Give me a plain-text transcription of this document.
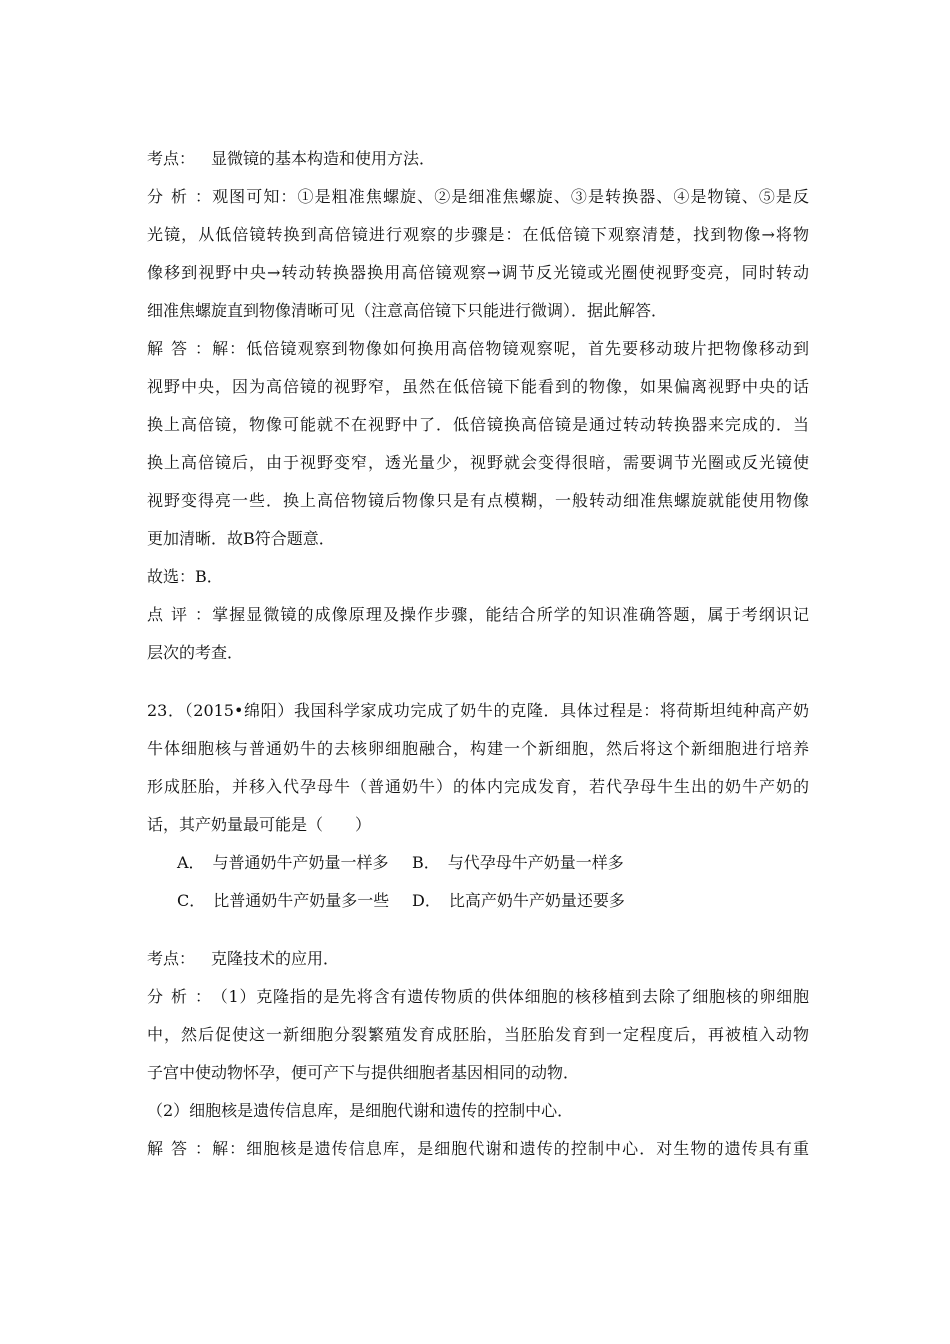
考点： 显微镜的基本构造和使用方法．
分析：观图可知：①是粗准焦螺旋、②是细准焦螺旋、③是转换器、④是物镜、⑤是反
光镜，从低倍镜转换到高倍镜进行观察的步骤是：在低倍镜下观察清楚，找到物像→将物
像移到视野中央→转动转换器换用高倍镜观察→调节反光镜或光圈使视野变亮，同时转动
细准焦螺旋直到物像清晰可见（注意高倍镜下只能进行微调）．据此解答．
解答：解：低倍镜观察到物像如何换用高倍物镜观察呢，首先要移动玻片把物像移动到
视野中央，因为高倍镜的视野窄，虽然在低倍镜下能看到的物像，如果偏离视野中央的话
换上高倍镜，物像可能就不在视野中了．低倍镜换高倍镜是通过转动转换器来完成的．当
换上高倍镜后，由于视野变窄，透光量少，视野就会变得很暗，需要调节光圈或反光镜使
视野变得亮一些．换上高倍物镜后物像只是有点模糊，一般转动细准焦螺旋就能使用物像
更加清晰．故B符合题意．
故选：B．
点评：掌握显微镜的成像原理及操作步骤，能结合所学的知识准确答题，属于考纲识记
层次的考查．
23．（2015•绵阳）我国科学家成功完成了奶牛的克隆．具体过程是：将荷斯坦纯种高产奶
牛体细胞核与普通奶牛的去核卵细胞融合，构建一个新细胞，然后将这个新细胞进行培养
形成胚胎，并移入代孕母牛（普通奶牛）的体内完成发育，若代孕母牛生出的奶牛产奶的
话，其产奶量最可能是（　　）
A．　与普通奶牛产奶量一样多 B．　与代孕母牛产奶量一样多
C．　比普通奶牛产奶量多一些 D．　比高产奶牛产奶量还要多
考点： 克隆技术的应用．
分析：（1）克隆指的是先将含有遗传物质的供体细胞的核移植到去除了细胞核的卵细胞
中，然后促使这一新细胞分裂繁殖发育成胚胎，当胚胎发育到一定程度后，再被植入动物
子宫中使动物怀孕，便可产下与提供细胞者基因相同的动物．
（2）细胞核是遗传信息库，是细胞代谢和遗传的控制中心．
解答：解：细胞核是遗传信息库，是细胞代谢和遗传的控制中心．对生物的遗传具有重
